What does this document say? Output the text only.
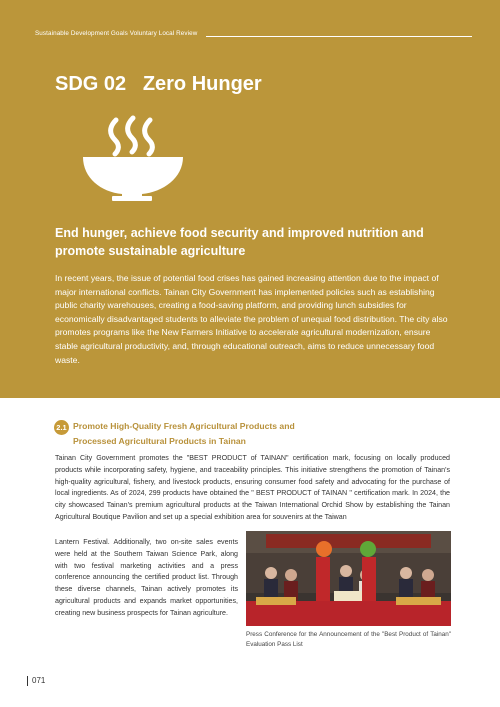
Sustainable Development Goals Voluntary Local Review
SDG 02   Zero Hunger
End hunger, achieve food security and improved nutrition and promote sustainable agriculture
In recent years, the issue of potential food crises has gained increasing attention due to the impact of major international conflicts. Tainan City Government has implemented policies such as establishing public charity warehouses, creating a food-saving platform, and providing lunch subsidies for economically disadvantaged students to alleviate the problem of unequal food distribution. The city also promotes programs like the New Farmers Initiative to accelerate agricultural modernization, ensure stable agricultural productivity, and, through educational outreach, aims to reduce unnecessary food waste.
2.1 Promote High-Quality Fresh Agricultural Products and Processed Agricultural Products in Tainan
Tainan City Government promotes the "BEST PRODUCT of TAINAN" certification mark, focusing on locally produced products while incorporating safety, hygiene, and traceability principles. This initiative strengthens the promotion of Tainan's high-quality agricultural, fishery, and livestock products, ensuring consumer food safety and advocating for the purchase of local ingredients. As of 2024, 299 products have obtained the " BEST PRODUCT of TAINAN " certification mark. In 2024, the city showcased Tainan's premium agricultural products at the Taiwan International Orchid Show by establishing the Tainan Agricultural Boutique Pavilion and set up a special exhibition area for souvenirs at the Taiwan
Lantern Festival. Additionally, two on-site sales events were held at the Southern Taiwan Science Park, along with two festival marketing activities and a press conference announcing the certified product list. Through these diverse channels, Tainan actively promotes its agricultural products and expands market opportunities, creating new business prospects for Tainan agriculture.
Press Conference for the Announcement of the "Best Product of Tainan" Evaluation Pass List
071
